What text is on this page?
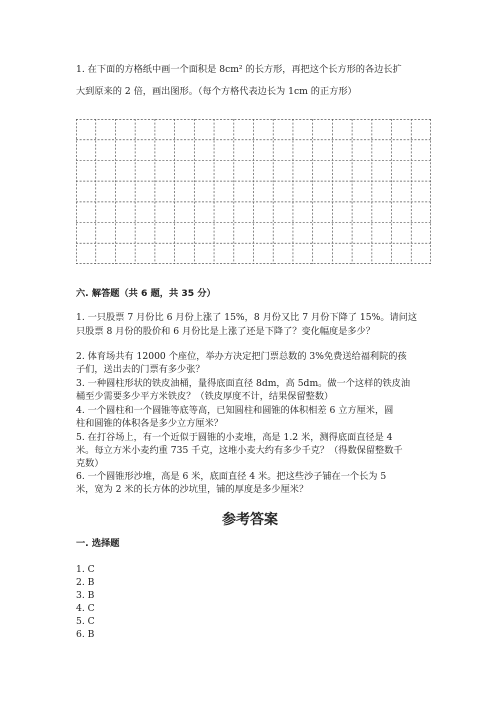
1. 在下面的方格纸中画一个面积是 8cm² 的长方形，再把这个长方形的各边长扩
大到原来的 2 倍，画出图形。（每个方格代表边长为 1cm 的正方形）
六. 解答题（共 6 题，共 35 分）
1. 一只股票 7 月份比 6 月份上涨了 15%，8 月份又比 7 月份下降了 15%。请问这
只股票 8 月份的股价和 6 月份比是上涨了还是下降了？变化幅度是多少？
2. 体育场共有 12000 个座位，举办方决定把门票总数的 3%免费送给福利院的孩
子们，送出去的门票有多少张？
3. 一种圆柱形状的铁皮油桶，量得底面直径 8dm，高 5dm。做一个这样的铁皮油
桶至少需要多少平方米铁皮？（铁皮厚度不计，结果保留整数）
4. 一个圆柱和一个圆锥等底等高，已知圆柱和圆锥的体积相差 6 立方厘米，圆
柱和圆锥的体积各是多少立方厘米？
5. 在打谷场上，有一个近似于圆锥的小麦堆，高是 1.2 米，测得底面直径是 4
米。每立方米小麦约重 735 千克，这堆小麦大约有多少千克？（得数保留整数千
克数）
6. 一个圆锥形沙堆，高是 6 米，底面直径 4 米。把这些沙子铺在一个长为 5
米，宽为 2 米的长方体的沙坑里，铺的厚度是多少厘米？
参考答案
一. 选择题
1. C
2. B
3. B
4. C
5. C
6. B
